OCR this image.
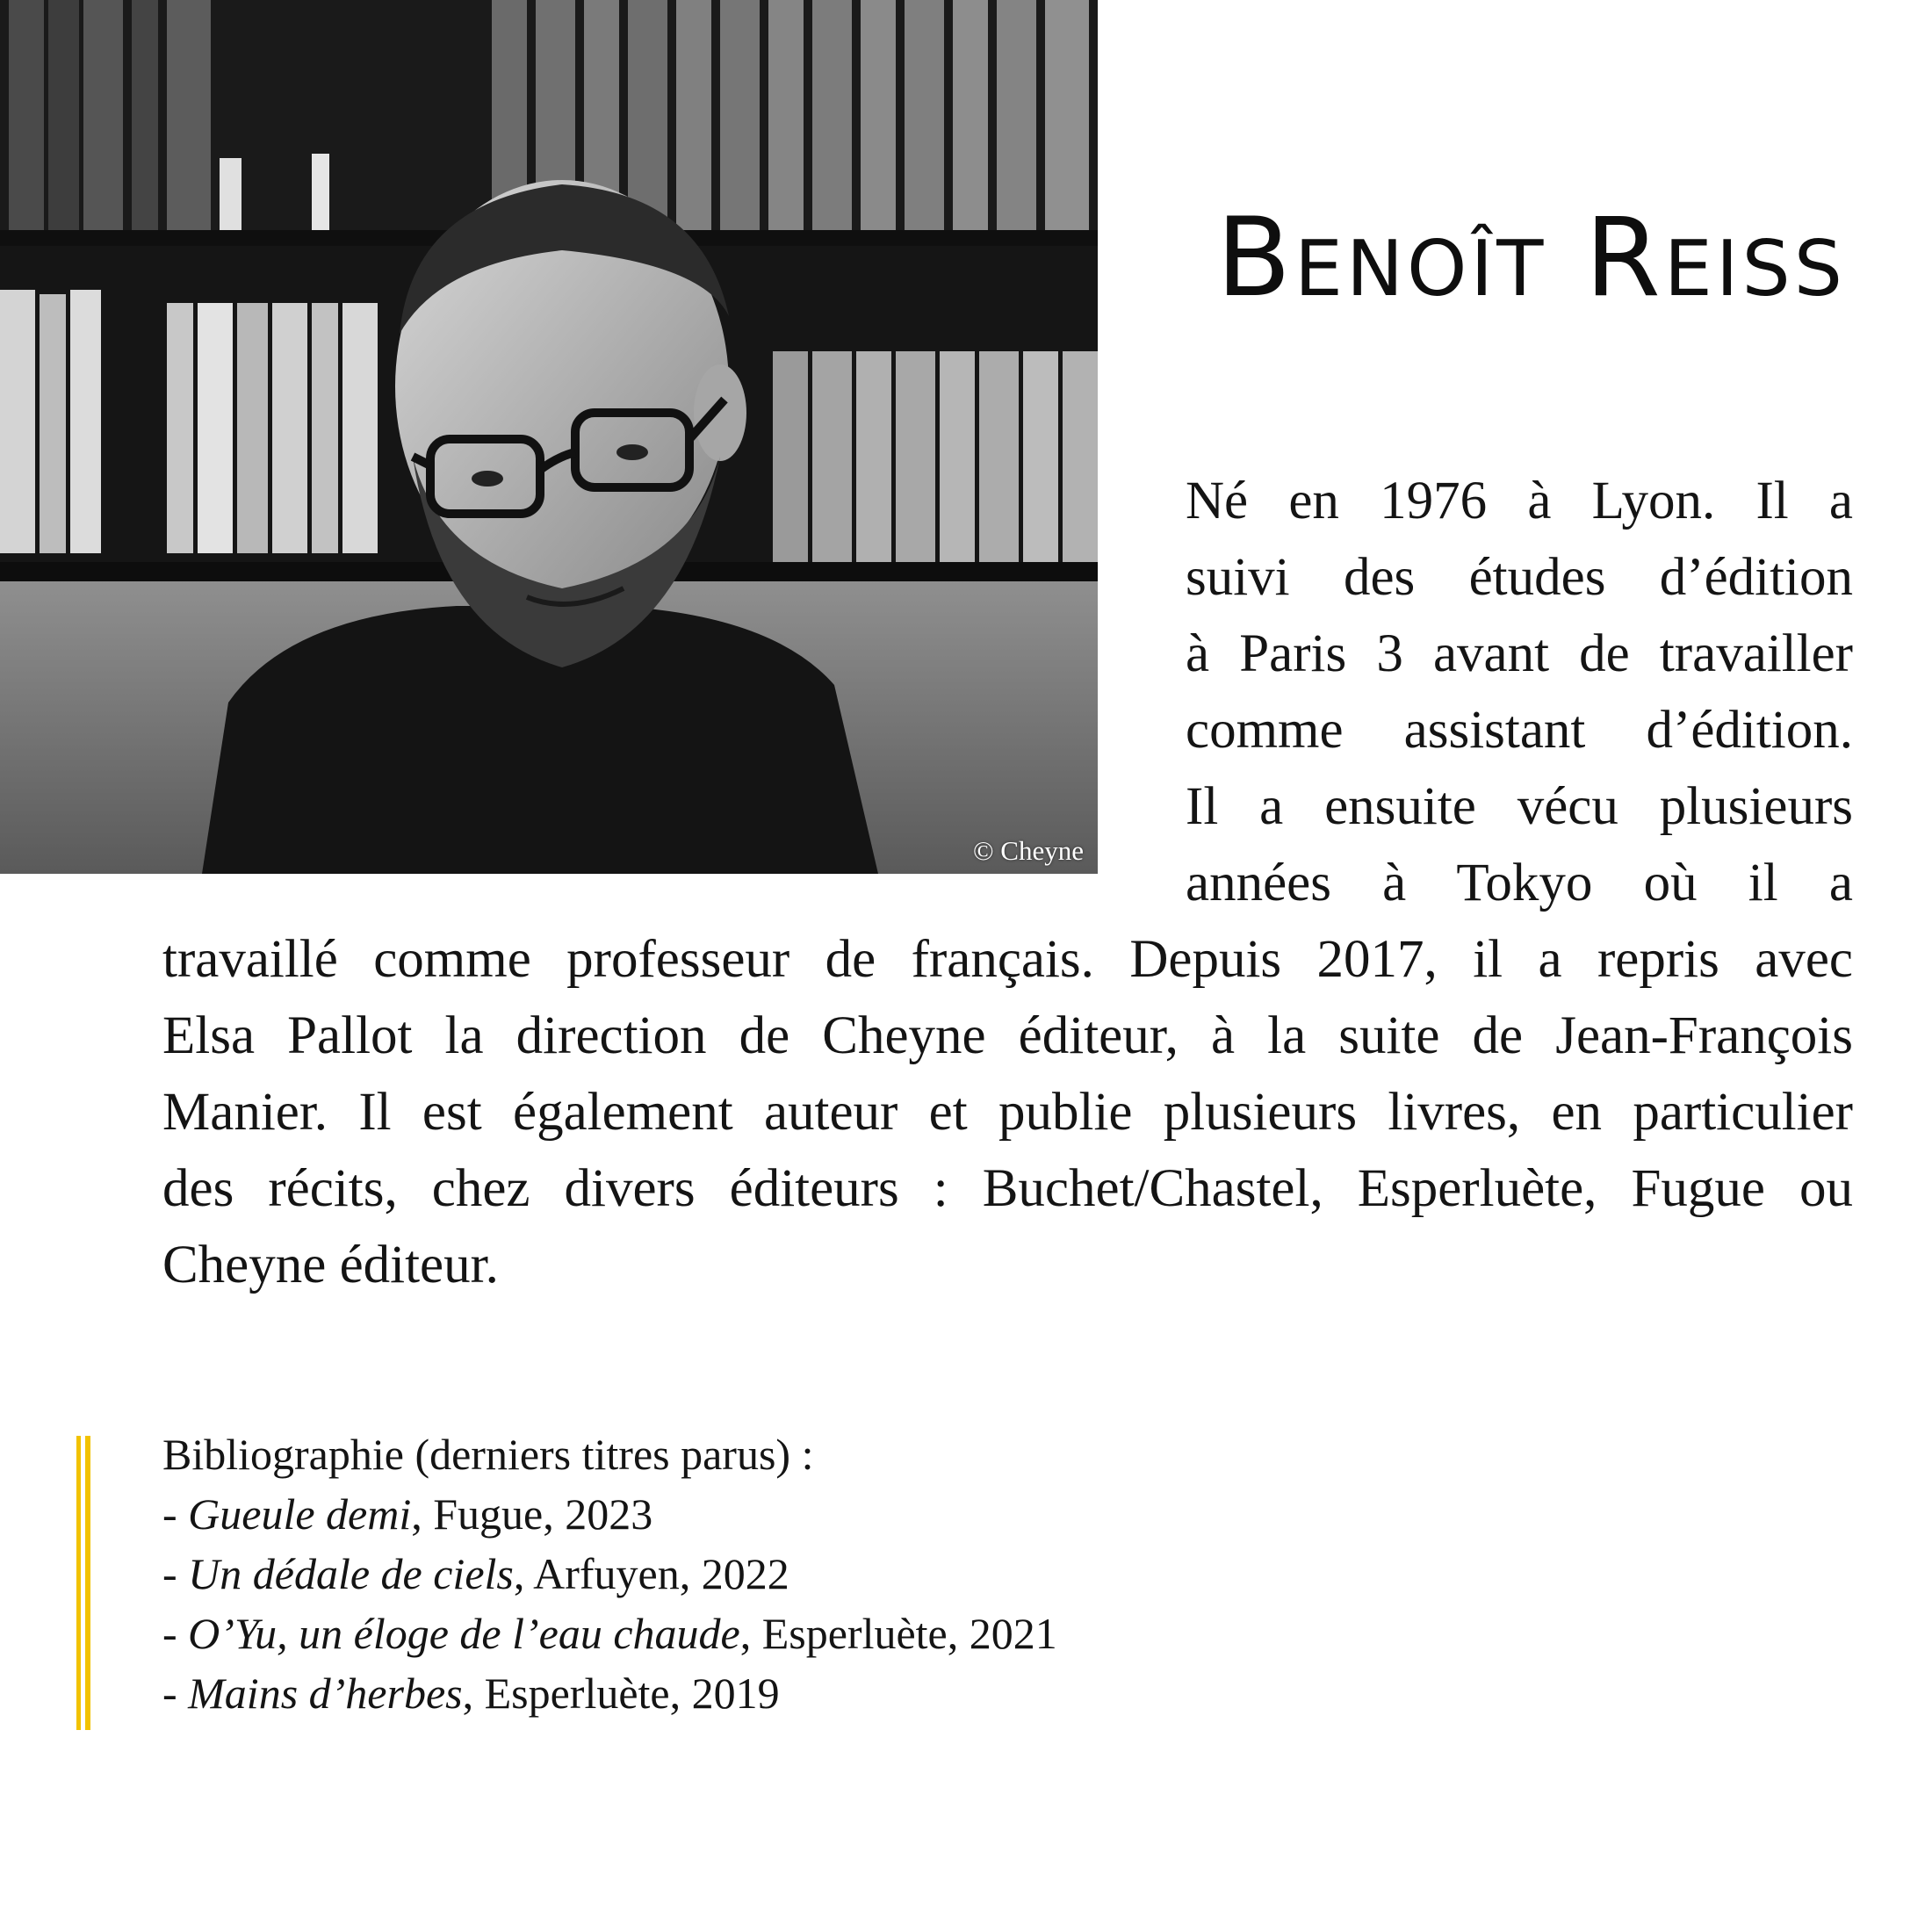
© Cheyne
Benoît Reiss
Né en 1976 à Lyon. Il a
suivi des études d’édition
à Paris 3 avant de travailler
comme assistant d’édition.
Il a ensuite vécu plusieurs
années à Tokyo où il a
travaillé comme professeur de français. Depuis 2017, il a repris avec
Elsa Pallot la direction de Cheyne éditeur, à la suite de Jean-François
Manier. Il est également auteur et publie plusieurs livres, en particulier
des récits, chez divers éditeurs : Buchet/Chastel, Esperluète, Fugue ou
Cheyne éditeur.
Bibliographie (derniers titres parus) :
- Gueule demi, Fugue, 2023
- Un dédale de ciels, Arfuyen, 2022
- O’Yu, un éloge de l’eau chaude, Esperluète, 2021
- Mains d’herbes, Esperluète, 2019
